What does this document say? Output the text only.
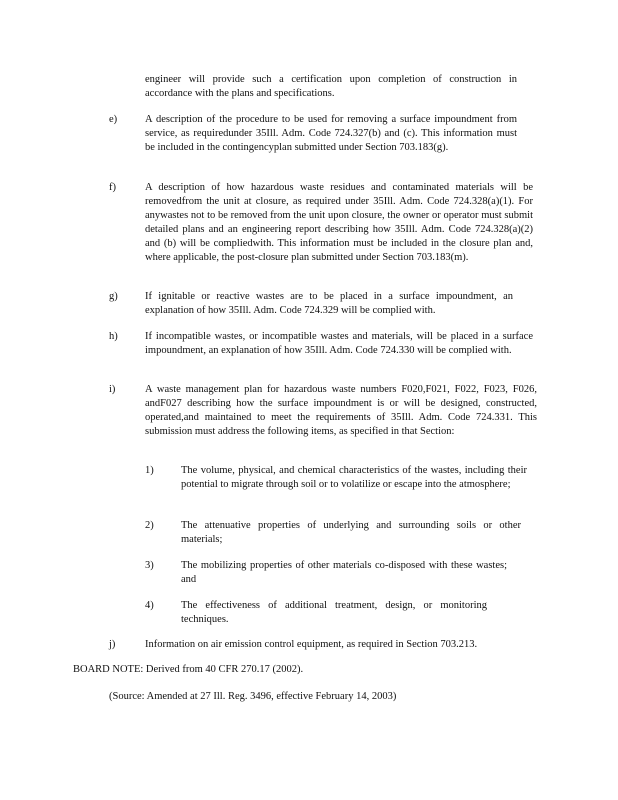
engineer will provide such a certification upon completion of construction in accordance with the plans and specifications.

e)	A description of the procedure to be used for removing a surface impoundment from service, as requiredunder 35Ill. Adm. Code 724.327(b) and (c). This information must be included in the contingencyplan submitted under Section 703.183(g).

f)	A description of how hazardous waste residues and contaminated materials will be removedfrom the unit at closure, as required under 35Ill. Adm. Code 724.328(a)(1). For anywastes not to be removed from the unit upon closure, the owner or operator must submit detailed plans and an engineering report describing how 35Ill. Adm. Code 724.328(a)(2) and (b) will be compliedwith. This information must be included in the closure plan and, where applicable, the post-closure plan submitted under Section 703.183(m).

g)	If ignitable or reactive wastes are to be placed in a surface impoundment, an explanation of how 35Ill. Adm. Code 724.329 will be complied with.

h)	If incompatible wastes, or incompatible wastes and materials, will be placed in a surface impoundment, an explanation of how 35Ill. Adm. Code 724.330 will be complied with.

i)	A waste management plan for hazardous waste numbers F020,F021, F022, F023, F026, andF027 describing how the surface impoundment is or will be designed, constructed, operated,and maintained to meet the requirements of 35Ill. Adm. Code 724.331. This submission must address the following items, as specified in that Section:

1)	The volume, physical, and chemical characteristics of the wastes, including their potential to migrate through soil or to volatilize or escape into the atmosphere;

2)	The attenuative properties of underlying and surrounding soils or other materials;

3)	The mobilizing properties of other materials co-disposed with these wastes; and

4)	The effectiveness of additional treatment, design, or monitoring techniques.

j)	Information on air emission control equipment, as required in Section 703.213.

BOARD NOTE: Derived from 40 CFR 270.17 (2002).

(Source: Amended at 27 Ill. Reg. 3496, effective February 14, 2003)
